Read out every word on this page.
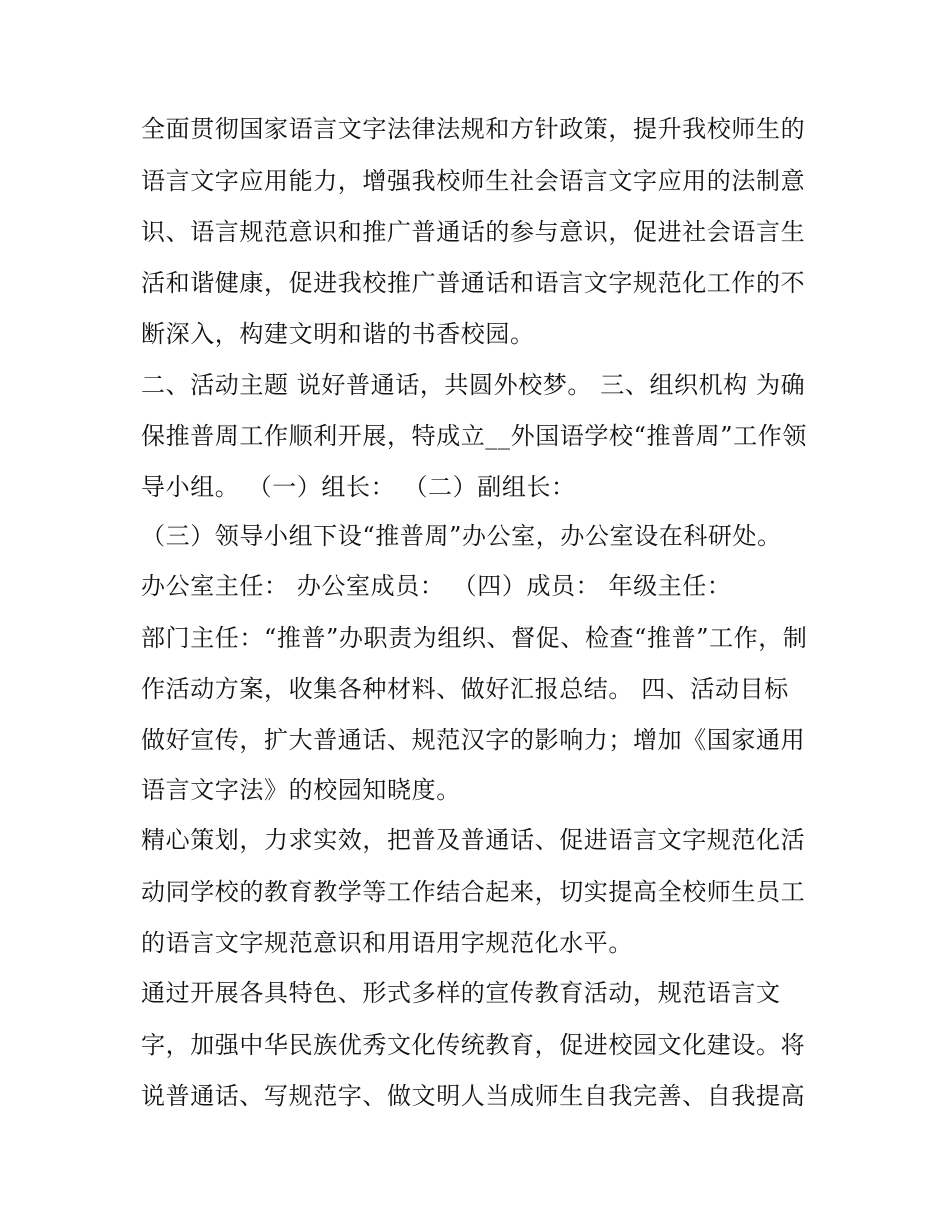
全面贯彻国家语言文字法律法规和方针政策，提升我校师生的
语言文字应用能力，增强我校师生社会语言文字应用的法制意
识、语言规范意识和推广普通话的参与意识，促进社会语言生
活和谐健康，促进我校推广普通话和语言文字规范化工作的不
断深入，构建文明和谐的书香校园。
二、活动主题 说好普通话，共圆外校梦。 三、组织机构 为确
保推普周工作顺利开展，特成立__外国语学校“推普周”工作领
导小组。 （一）组长： （二）副组长：
（三）领导小组下设“推普周”办公室，办公室设在科研处。
办公室主任： 办公室成员： （四）成员： 年级主任：
部门主任：“推普”办职责为组织、督促、检查“推普”工作，制
作活动方案，收集各种材料、做好汇报总结。 四、活动目标
做好宣传，扩大普通话、规范汉字的影响力；增加《国家通用
语言文字法》的校园知晓度。
精心策划，力求实效，把普及普通话、促进语言文字规范化活
动同学校的教育教学等工作结合起来，切实提高全校师生员工
的语言文字规范意识和用语用字规范化水平。
通过开展各具特色、形式多样的宣传教育活动，规范语言文
字，加强中华民族优秀文化传统教育，促进校园文化建设。将
说普通话、写规范字、做文明人当成师生自我完善、自我提高
